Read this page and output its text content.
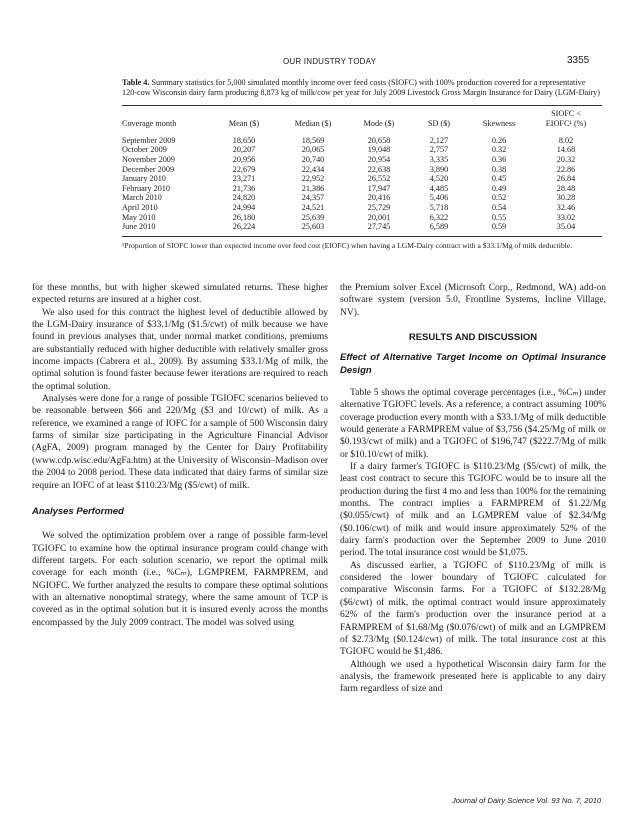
OUR INDUSTRY TODAY	3355

Table 4. Summary statistics for 5,000 simulated monthly income over feed costs (SIOFC) with 100% production covered for a representative 120-cow Wisconsin dairy farm producing 8,873 kg of milk/cow per year for July 2009 Livestock Gross Margin Insurance for Dairy (LGM-Dairy)

Coverage month	Mean ($)	Median ($)	Mode ($)	SD ($)	Skewness	SIOFC <
EIOFC¹ (%)
September 2009	18,650	18,569	20,658	2,127	0.26	8.02
October 2009	20,207	20,065	19,048	2,757	0.32	14.68
November 2009	20,956	20,740	20,954	3,335	0.36	20.32
December 2009	22,679	22,434	22,638	3,890	0.38	22.86
January 2010	23,271	22,952	26,552	4,520	0.45	26.84
February 2010	21,736	21,386	17,947	4,485	0.49	28.48
March 2010	24,820	24,357	20,416	5,406	0.52	30.28
April 2010	24,994	24,521	25,729	5,718	0.54	32.46
May 2010	26,180	25,639	20,001	6,322	0.55	33.02
June 2010	26,224	25,603	27,745	6,589	0.59	35.04

¹Proportion of SIOFC lower than expected income over feed cost (EIOFC) when having a LGM-Dairy contract with a $33.1/Mg of milk deductible.

for these months, but with higher skewed simulated returns. These higher expected returns are insured at a higher cost.

We also used for this contract the highest level of deductible allowed by the LGM-Dairy insurance of $33.1/Mg ($1.5/cwt) of milk because we have found in previous analyses that, under normal market conditions, premiums are substantially reduced with higher deductible with relatively smaller gross income impacts (Cabrera et al., 2009). By assuming $33.1/Mg of milk, the optimal solution is found faster because fewer iterations are required to reach the optimal solution.

Analyses were done for a range of possible TGIOFC scenarios believed to be reasonable between $66 and 220/Mg ($3 and 10/cwt) of milk. As a reference, we examined a range of IOFC for a sample of 500 Wisconsin dairy farms of similar size participating in the Agriculture Financial Advisor (AgFA, 2009) program managed by the Center for Dairy Profitability (www.cdp.wisc.edu/AgFa.htm) at the University of Wisconsin–Madison over the 2004 to 2008 period. These data indicated that dairy farms of similar size require an IOFC of at least $110.23/Mg ($5/cwt) of milk.

Analyses Performed

We solved the optimization problem over a range of possible farm-level TGIOFC to examine how the optimal insurance program could change with different targets. For each solution scenario, we report the optimal milk coverage for each month (i.e., %Cₘ), LGMPREM, FARMPREM, and NGIOFC. We further analyzed the results to compare these optimal solutions with an alternative nonoptimal strategy, where the same amount of TCP is covered as in the optimal solution but it is insured evenly across the months encompassed by the July 2009 contract. The model was solved using

the Premium solver Excel (Microsoft Corp., Redmond, WA) add-on software system (version 5.0, Frontline Systems, Incline Village, NV).

RESULTS AND DISCUSSION
Effect of Alternative Target Income on Optimal Insurance Design

Table 5 shows the optimal coverage percentages (i.e., %Cₘ) under alternative TGIOFC levels. As a reference, a contract assuming 100% coverage production every month with a $33.1/Mg of milk deductible would generate a FARMPREM value of $3,756 ($4.25/Mg of milk or $0.193/cwt of milk) and a TGIOFC of $196,747 ($222.7/Mg of milk or $10.10/cwt of milk).

If a dairy farmer's TGIOFC is $110.23/Mg ($5/cwt) of milk, the least cost contract to secure this TGIOFC would be to insure all the production during the first 4 mo and less than 100% for the remaining months. The contract implies a FARMPREM of $1.22/Mg ($0.055/cwt) of milk and an LGMPREM value of $2.34/Mg ($0.106/cwt) of milk and would insure approximately 52% of the dairy farm's production over the September 2009 to June 2010 period. The total insurance cost would be $1,075.

As discussed earlier, a TGIOFC of $110.23/Mg of milk is considered the lower boundary of TGIOFC calculated for comparative Wisconsin farms. For a TGIOFC of $132.28/Mg ($6/cwt) of milk, the optimal contract would insure approximately 62% of the farm's production over the insurance period at a FARMPREM of $1.68/Mg ($0.076/cwt) of milk and an LGMPREM of $2.73/Mg ($0.124/cwt) of milk. The total insurance cost at this TGIOFC would be $1,486.

Although we used a hypothetical Wisconsin dairy farm for the analysis, the framework presented here is applicable to any dairy farm regardless of size and

Journal of Dairy Science Vol. 93 No. 7, 2010
